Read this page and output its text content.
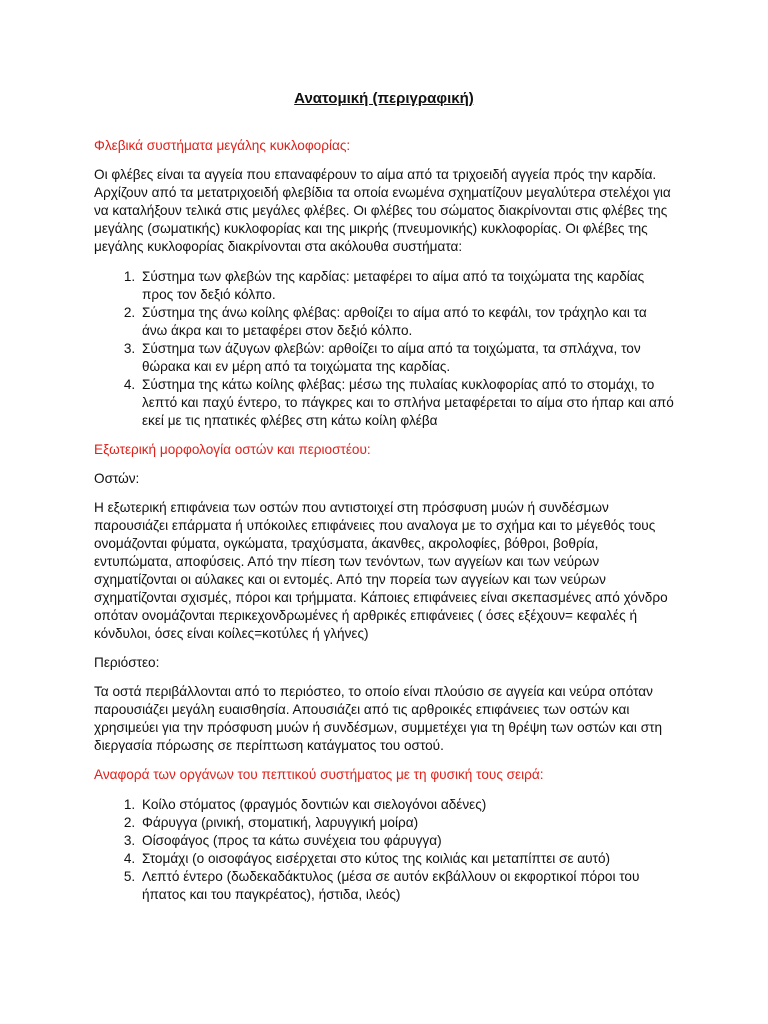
Ανατομική (περιγραφική)
Φλεβικά συστήματα μεγάλης κυκλοφορίας:

Οι φλέβες είναι τα αγγεία που επαναφέρουν το αίμα από τα τριχοειδή αγγεία πρός την καρδία. Αρχίζουν από τα μετατριχοειδή φλεβίδια τα οποία ενωμένα σχηματίζουν μεγαλύτερα στελέχοι για να καταλήξουν τελικά στις μεγάλες φλέβες. Οι φλέβες του σώματος διακρίνονται στις φλέβες της μεγάλης (σωματικής) κυκλοφορίας και της μικρής (πνευμονικής) κυκλοφορίας. Οι φλέβες της μεγάλης κυκλοφορίας διακρίνονται στα ακόλουθα συστήματα:

1. Σύστημα των φλεβών της καρδίας: μεταφέρει το αίμα από τα τοιχώματα της καρδίας προς τον δεξιό κόλπο.
2. Σύστημα της άνω κοίλης φλέβας: αρθοίζει το αίμα από το κεφάλι, τον τράχηλο και τα άνω άκρα και το μεταφέρει στον δεξιό κόλπο.
3. Σύστημα των άζυγων φλεβών: αρθοίζει το αίμα από τα τοιχώματα, τα σπλάχνα, τον θώρακα και εν μέρη από τα τοιχώματα της καρδίας.
4. Σύστημα της κάτω κοίλης φλέβας: μέσω της πυλαίας κυκλοφορίας από το στομάχι, το λεπτό και παχύ έντερο, το πάγκρες και το σπλήνα μεταφέρεται το αίμα στο ήπαρ και από εκεί με τις ηπατικές φλέβες στη κάτω κοίλη φλέβα
Εξωτερική μορφολογία οστών και περιοστέου:

Οστών:

Η εξωτερική επιφάνεια των οστών που αντιστοιχεί στη πρόσφυση μυών ή συνδέσμων παρουσιάζει επάρματα ή υπόκοιλες επιφάνειες που αναλογα με το σχήμα και το μέγεθός τους ονομάζονται φύματα, ογκώματα, τραχύσματα, άκανθες, ακρολοφίες, βόθροι, βοθρία, εντυπώματα, αποφύσεις. Από την πίεση των τενόντων, των αγγείων και των νεύρων σχηματίζονται οι αύλακες και οι εντομές. Από την πορεία των αγγείων και των νεύρων σχηματίζονται σχισμές, πόροι και τρήμματα. Κάποιες επιφάνειες είναι σκεπασμένες από χόνδρο οπόταν ονομάζονται περικεχονδρωμένες ή αρθρικές επιφάνειες ( όσες εξέχουν= κεφαλές ή κόνδυλοι, όσες είναι κοίλες=κοτύλες ή γλήνες)

Περιόστεο:

Τα οστά περιβάλλονται από το περιόστεο, το οποίο είναι πλούσιο σε αγγεία και νεύρα οπόταν παρουσιάζει μεγάλη ευαισθησία. Απουσιάζει από τις αρθροικές επιφάνειες των οστών και χρησιμεύει για την πρόσφυση μυών ή συνδέσμων, συμμετέχει για τη θρέψη των οστών και στη διεργασία πόρωσης σε περίπτωση κατάγματος του οστού.

Αναφορά των οργάνων του πεπτικού συστήματος με τη φυσική τους σειρά:
1. Κοίλο στόματος (φραγμός δοντιών και σιελογόνοι αδένες)
2. Φάρυγγα (ρινική, στοματική, λαρυγγική μοίρα)
3. Οίσοφάγος (προς τα κάτω συνέχεια του φάρυγγα)
4. Στομάχι (ο οισοφάγος εισέρχεται στο κύτος της κοιλιάς και μεταπίπτει σε αυτό)
5. Λεπτό έντερο (δωδεκαδάκτυλος (μέσα σε αυτόν εκβάλλουν οι εκφορτικοί πόροι του ήπατος και του παγκρέατος), ήστιδα, ιλεός)
